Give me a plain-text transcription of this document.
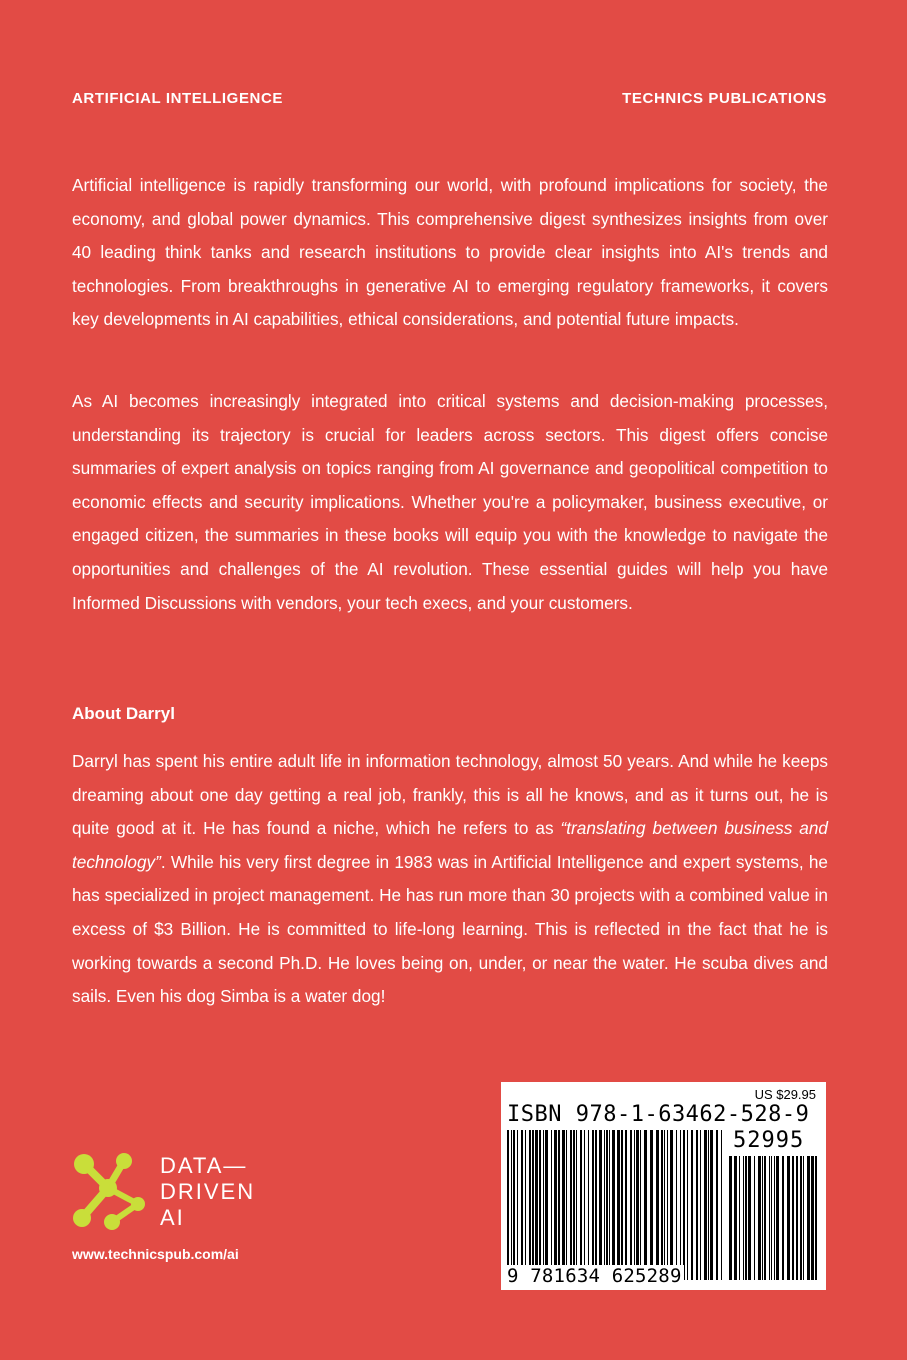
ARTIFICIAL INTELLIGENCE	TECHNICS PUBLICATIONS
Artificial intelligence is rapidly transforming our world, with profound implications for society, the economy, and global power dynamics. This comprehensive digest synthesizes insights from over 40 leading think tanks and research institutions to provide clear insights into AI's trends and technologies. From breakthroughs in generative AI to emerging regulatory frameworks, it covers key developments in AI capabilities, ethical considerations, and potential future impacts.
As AI becomes increasingly integrated into critical systems and decision-making processes, understanding its trajectory is crucial for leaders across sectors. This digest offers concise summaries of expert analysis on topics ranging from AI governance and geopolitical competition to economic effects and security implications. Whether you're a policymaker, business executive, or engaged citizen, the summaries in these books will equip you with the knowledge to navigate the opportunities and challenges of the AI revolution. These essential guides will help you have Informed Discussions with vendors, your tech execs, and your customers.
About Darryl
Darryl has spent his entire adult life in information technology, almost 50 years. And while he keeps dreaming about one day getting a real job, frankly, this is all he knows, and as it turns out, he is quite good at it. He has found a niche, which he refers to as “translating between business and technology”. While his very first degree in 1983 was in Artificial Intelligence and expert systems, he has specialized in project management. He has run more than 30 projects with a combined value in excess of $3 Billion. He is committed to life-long learning. This is reflected in the fact that he is working towards a second Ph.D. He loves being on, under, or near the water. He scuba dives and sails. Even his dog Simba is a water dog!
DATA—
DRIVEN
AI
www.technicspub.com/ai
US $29.95
ISBN 978-1-63462-528-9
52995
9 781634 625289
